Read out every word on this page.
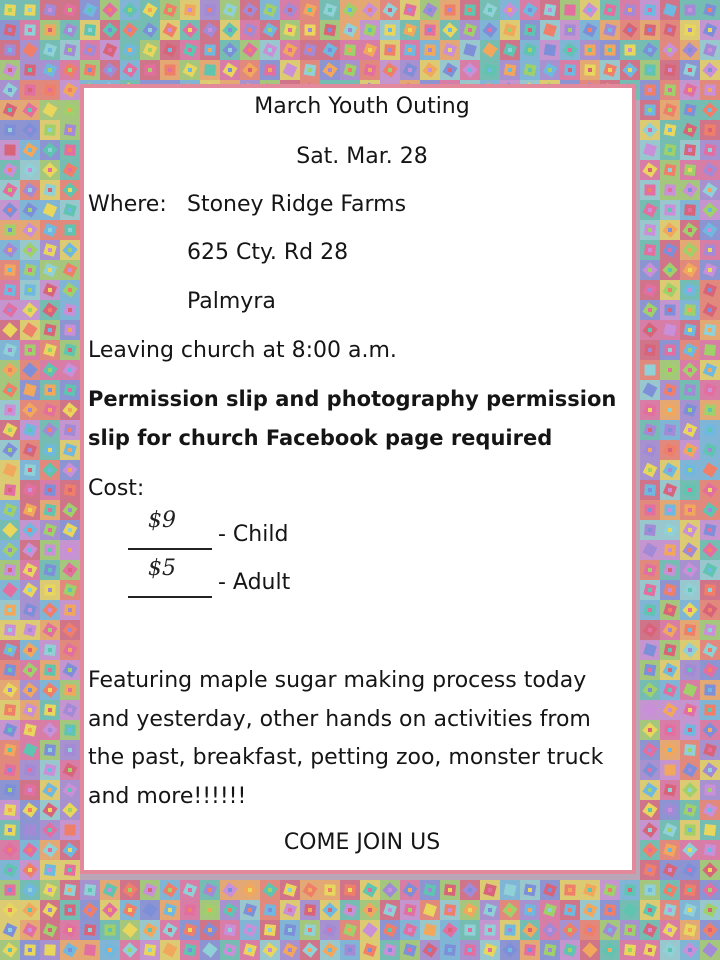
March Youth Outing
Sat. Mar. 28
Where: Stoney Ridge Farms
625 Cty. Rd 28
Palmyra
Leaving church at 8:00 a.m.
Permission slip and photography permission
slip for church Facebook page required
Cost:
$9
- Child
$5
- Adult
Featuring maple sugar making process today
and yesterday, other hands on activities from
the past, breakfast, petting zoo, monster truck
and more!!!!!!
COME JOIN US
